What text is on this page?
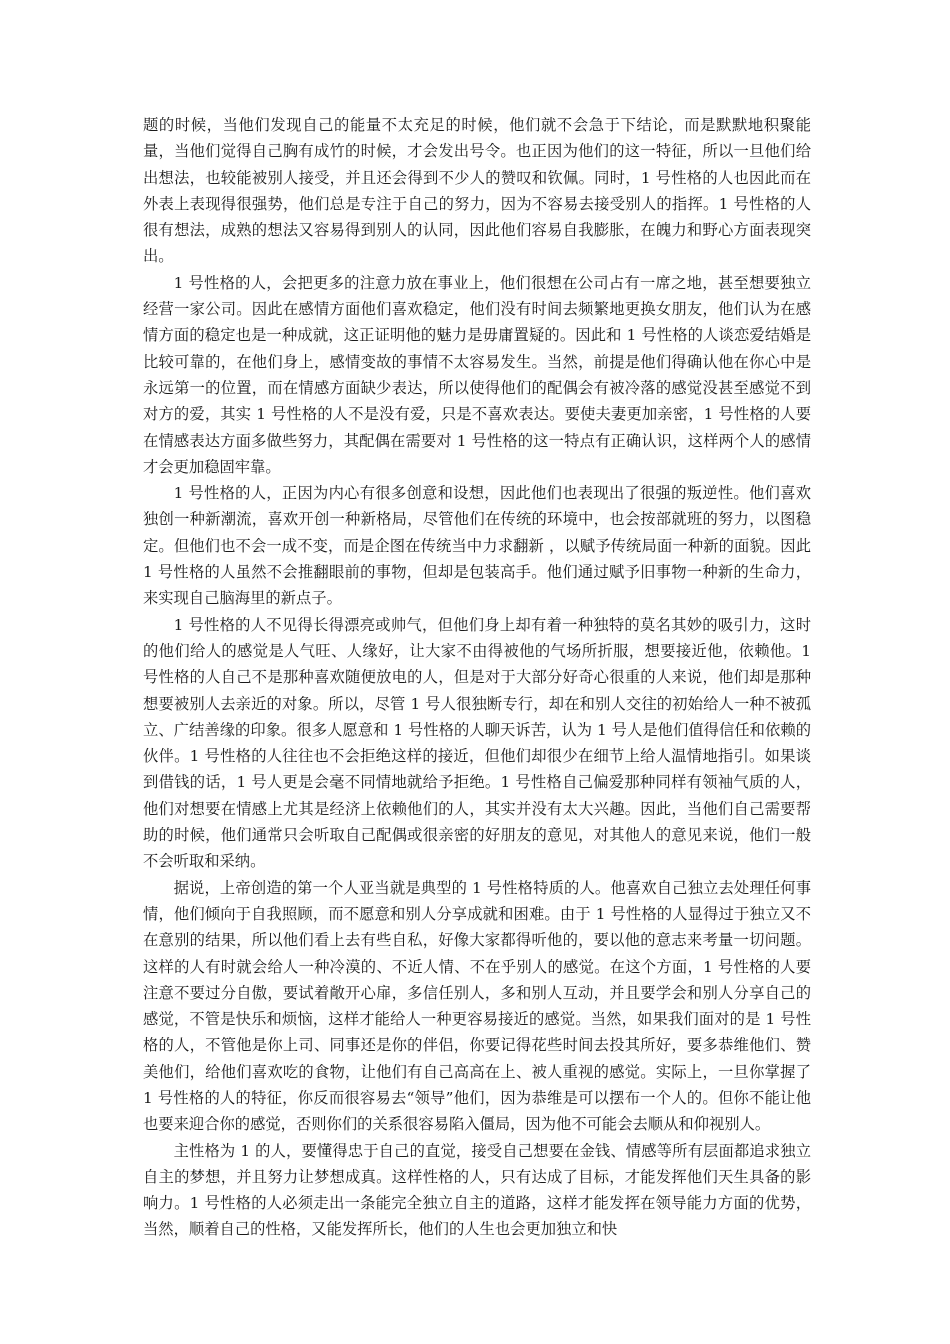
题的时候，当他们发现自己的能量不太充足的时候，他们就不会急于下结论，而是默默地积聚能量，当他们觉得自己胸有成竹的时候，才会发出号令。也正因为他们的这一特征，所以一旦他们给出想法，也较能被别人接受，并且还会得到不少人的赞叹和钦佩。同时，1 号性格的人也因此而在外表上表现得很强势，他们总是专注于自己的努力，因为不容易去接受别人的指挥。1 号性格的人很有想法，成熟的想法又容易得到别人的认同，因此他们容易自我膨胀，在魄力和野心方面表现突出。

1 号性格的人，会把更多的注意力放在事业上，他们很想在公司占有一席之地，甚至想要独立经营一家公司。因此在感情方面他们喜欢稳定，他们没有时间去频繁地更换女朋友，他们认为在感情方面的稳定也是一种成就，这正证明他的魅力是毋庸置疑的。因此和 1 号性格的人谈恋爱结婚是比较可靠的，在他们身上，感情变故的事情不太容易发生。当然，前提是他们得确认他在你心中是永远第一的位置，而在情感方面缺少表达，所以使得他们的配偶会有被冷落的感觉没甚至感觉不到对方的爱，其实 1 号性格的人不是没有爱，只是不喜欢表达。要使夫妻更加亲密，1 号性格的人要在情感表达方面多做些努力，其配偶在需要对 1 号性格的这一特点有正确认识，这样两个人的感情才会更加稳固牢靠。

1 号性格的人，正因为内心有很多创意和设想，因此他们也表现出了很强的叛逆性。他们喜欢独创一种新潮流，喜欢开创一种新格局，尽管他们在传统的环境中，也会按部就班的努力，以图稳定。但他们也不会一成不变，而是企图在传统当中力求翻新 ，以赋予传统局面一种新的面貌。因此 1 号性格的人虽然不会推翻眼前的事物，但却是包装高手。他们通过赋予旧事物一种新的生命力，来实现自己脑海里的新点子。

1 号性格的人不见得长得漂亮或帅气，但他们身上却有着一种独特的莫名其妙的吸引力，这时的他们给人的感觉是人气旺、人缘好，让大家不由得被他的气场所折服，想要接近他，依赖他。1 号性格的人自己不是那种喜欢随便放电的人，但是对于大部分好奇心很重的人来说，他们却是那种想要被别人去亲近的对象。所以，尽管 1 号人很独断专行，却在和别人交往的初始给人一种不被孤立、广结善缘的印象。很多人愿意和 1 号性格的人聊天诉苦，认为 1 号人是他们值得信任和依赖的伙伴。1 号性格的人往往也不会拒绝这样的接近，但他们却很少在细节上给人温情地指引。如果谈到借钱的话，1 号人更是会毫不同情地就给予拒绝。1 号性格自己偏爱那种同样有领袖气质的人，他们对想要在情感上尤其是经济上依赖他们的人，其实并没有太大兴趣。因此，当他们自己需要帮助的时候，他们通常只会听取自己配偶或很亲密的好朋友的意见，对其他人的意见来说，他们一般不会听取和采纳。

据说，上帝创造的第一个人亚当就是典型的 1 号性格特质的人。他喜欢自己独立去处理任何事情，他们倾向于自我照顾，而不愿意和别人分享成就和困难。由于 1 号性格的人显得过于独立又不在意别的结果，所以他们看上去有些自私，好像大家都得听他的，要以他的意志来考量一切问题。这样的人有时就会给人一种冷漠的、不近人情、不在乎别人的感觉。在这个方面，1 号性格的人要注意不要过分自傲，要试着敞开心扉，多信任别人，多和别人互动，并且要学会和别人分享自己的感觉，不管是快乐和烦恼，这样才能给人一种更容易接近的感觉。当然，如果我们面对的是 1 号性格的人，不管他是你上司、同事还是你的伴侣，你要记得花些时间去投其所好，要多恭维他们、赞美他们，给他们喜欢吃的食物，让他们有自己高高在上、被人重视的感觉。实际上，一旦你掌握了 1 号性格的人的特征，你反而很容易去“领导”他们，因为恭维是可以摆布一个人的。但你不能让他也要来迎合你的感觉，否则你们的关系很容易陷入僵局，因为他不可能会去顺从和仰视别人。

主性格为 1 的人，要懂得忠于自己的直觉，接受自己想要在金钱、情感等所有层面都追求独立自主的梦想，并且努力让梦想成真。这样性格的人，只有达成了目标，才能发挥他们天生具备的影响力。1 号性格的人必须走出一条能完全独立自主的道路，这样才能发挥在领导能力方面的优势，当然，顺着自己的性格，又能发挥所长，他们的人生也会更加独立和快
